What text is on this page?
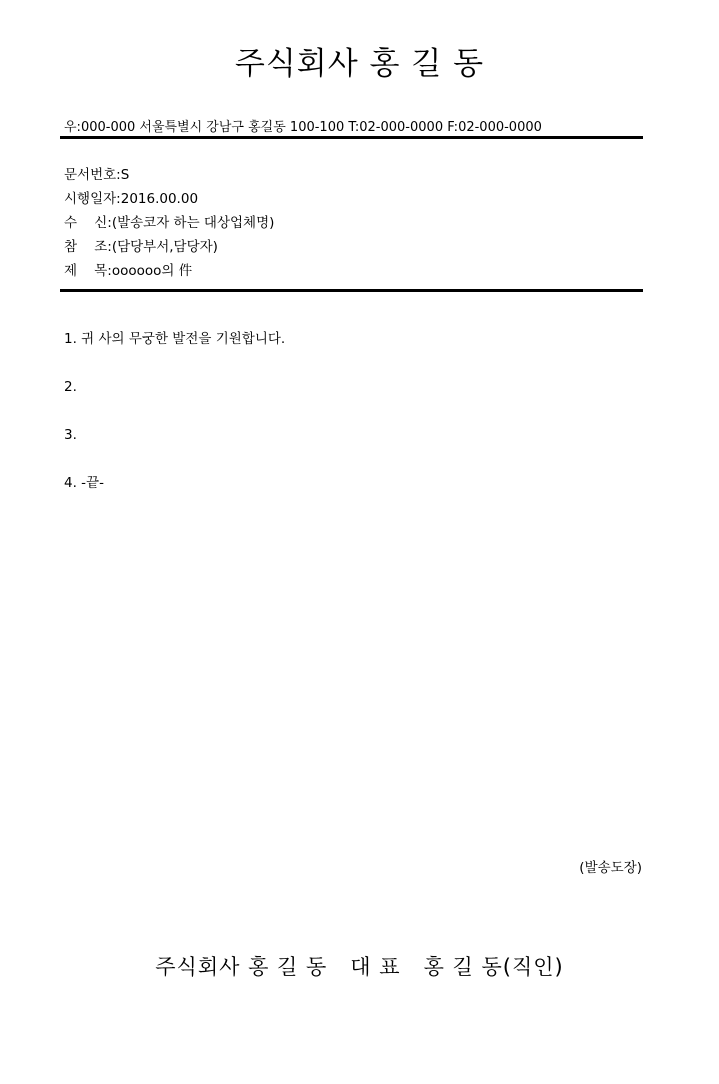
주식회사 홍 길 동
우:000-000 서울특별시 강남구 홍길동 100-100 T:02-000-0000 F:02-000-0000
문서번호:S
시행일자:2016.00.00
수    신:(발송코자 하는 대상업체명)
참    조:(담당부서,담당자)
제    목:oooooo의 件
1. 귀 사의 무궁한 발전을 기원합니다.
2.
3.
4. -끝-
(발송도장)
주식회사 홍 길 동   대 표   홍 길 동(직인)
